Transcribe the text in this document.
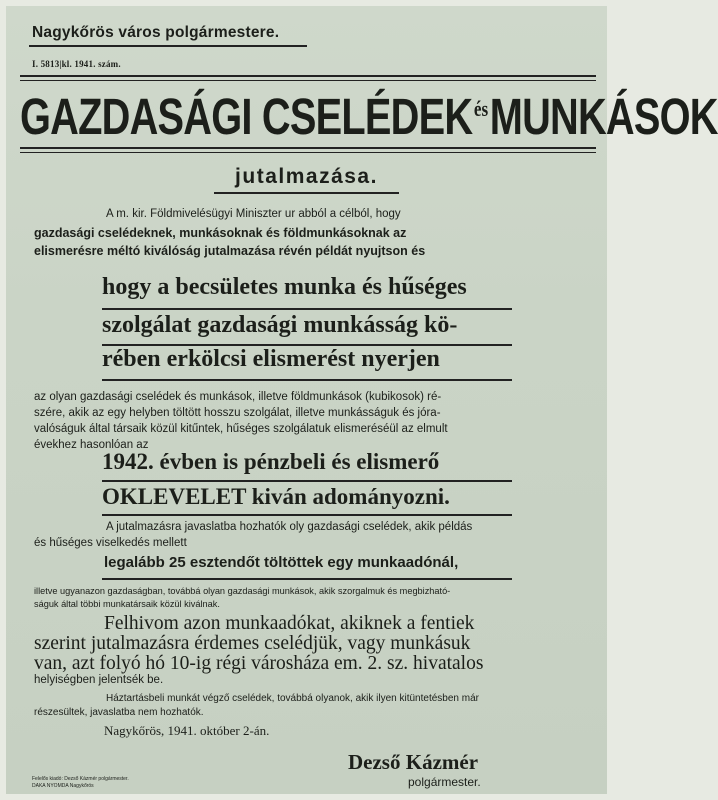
Nagykőrös város polgármestere.
I. 5813|kl. 1941. szám.
GAZDASÁGI $CSELÉDEK^{és}MUNKÁSOK$
jutalmazása.
A m. kir. Földmivelésügyi Miniszter ur abból a célból, hogy
gazdasági cselédeknek, munkásoknak és földmunkásoknak az
elismerésre méltó kiválóság jutalmazása révén példát nyujtson és
hogy a becsületes munka és hűséges
szolgálat gazdasági munkásság kö-
rében erkölcsi elismerést nyerjen
az olyan gazdasági cselédek és munkások, illetve földmunkások (kubikosok) ré-
szére, akik az egy helyben töltött hosszu szolgálat, illetve munkásságuk és jóra-
valóságuk által társaik közül kitűntek, hűséges szolgálatuk elismeréséül az elmult
évekhez hasonlóan az
1942. évben is pénzbeli és elismerő
OKLEVELET kiván adományozni.
A jutalmazásra javaslatba hozhatók oly gazdasági cselédek, akik példás
és hűséges viselkedés mellett
legalább 25 esztendőt töltöttek egy munkaadónál,
illetve ugyanazon gazdaságban, továbbá olyan gazdasági munkások, akik szorgalmuk és megbizható-
ságuk által többi munkatársaik közül kiválnak.
Felhivom azon munkaadókat, akiknek a fentiek
szerint jutalmazásra érdemes cselédjük, vagy munkásuk
van, azt folyó hó 10-ig régi városháza em. 2. sz. hivatalos
helyiségben jelentsék be.
Háztartásbeli munkát végző cselédek, továbbá olyanok, akik ilyen kitüntetésben már
részesültek, javaslatba nem hozhatók.
Nagykőrös, 1941. október 2-án.
Dezső Kázmér
polgármester.
Felelős kiadó: Dezső Kázmér polgármester.
DAKA NYOMDA Nagykőrös
